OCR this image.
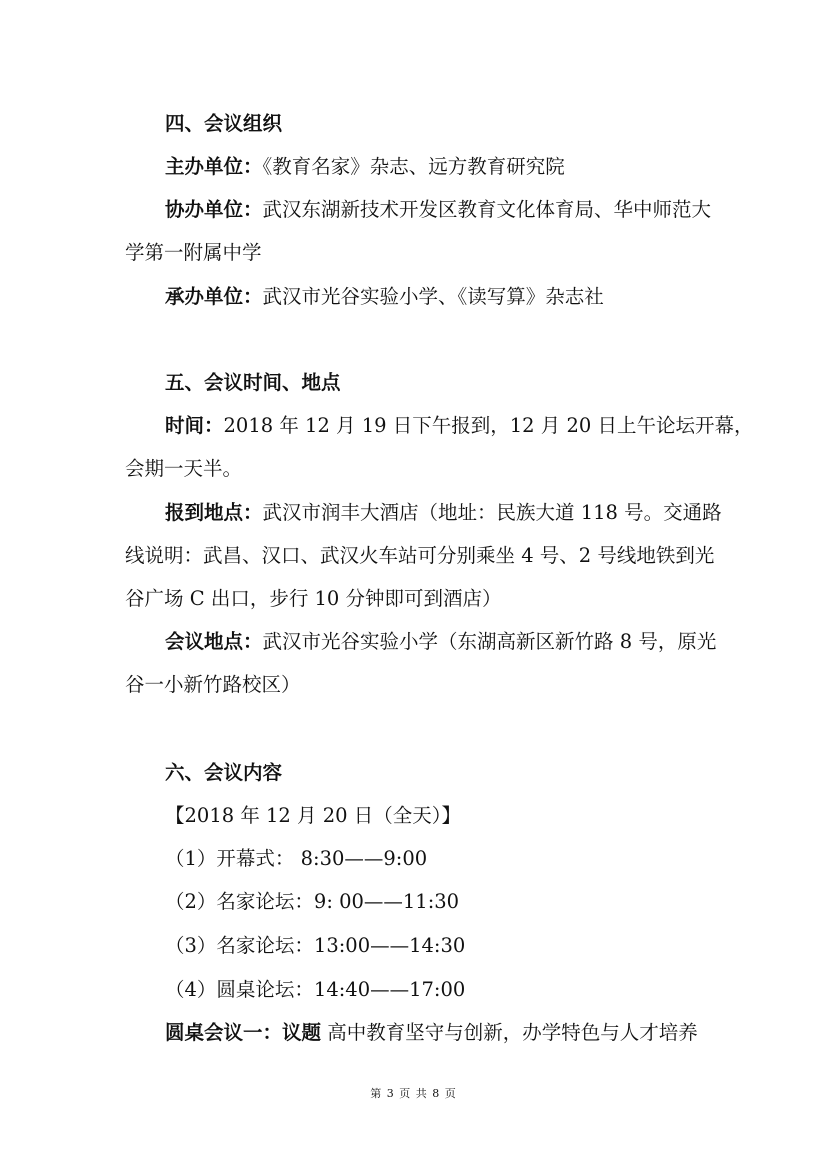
四、会议组织
主办单位：《教育名家》杂志、远方教育研究院
协办单位：武汉东湖新技术开发区教育文化体育局、华中师范大
学第一附属中学
承办单位：武汉市光谷实验小学、《读写算》杂志社
五、会议时间、地点
时间：2018 年 12 月 19 日下午报到，12 月 20 日上午论坛开幕，
会期一天半。
报到地点：武汉市润丰大酒店（地址：民族大道 118 号。交通路
线说明：武昌、汉口、武汉火车站可分别乘坐 4 号、2 号线地铁到光
谷广场 C 出口，步行 10 分钟即可到酒店）
会议地点：武汉市光谷实验小学（东湖高新区新竹路 8 号，原光
谷一小新竹路校区）
六、会议内容
【2018 年 12 月 20 日（全天）】
（1）开幕式： 8:30——9:00
（2）名家论坛：9: 00——11:30
（3）名家论坛：13:00——14:30
（4）圆桌论坛：14:40——17:00
圆桌会议一：议题 高中教育坚守与创新，办学特色与人才培养
第 3 页 共 8 页
